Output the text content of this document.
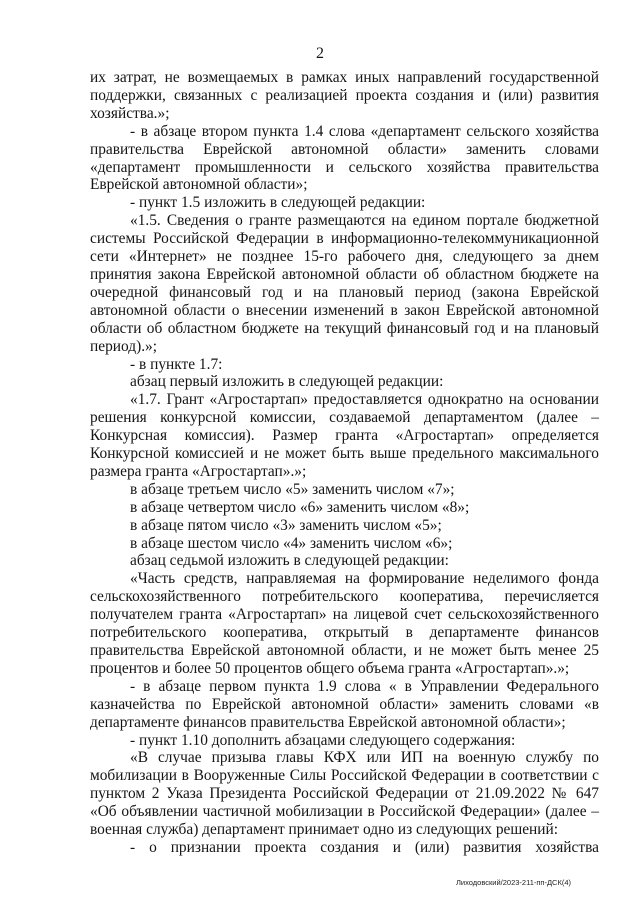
2

их затрат, не возмещаемых в рамках иных направлений государственной поддержки, связанных с реализацией проекта создания и (или) развития хозяйства.»;

- в абзаце втором пункта 1.4 слова «департамент сельского хозяйства правительства Еврейской автономной области» заменить словами «департамент промышленности и сельского хозяйства правительства Еврейской автономной области»;

- пункт 1.5 изложить в следующей редакции:

«1.5. Сведения о гранте размещаются на едином портале бюджетной системы Российской Федерации в информационно-телекоммуникационной сети «Интернет» не позднее 15-го рабочего дня, следующего за днем принятия закона Еврейской автономной области об областном бюджете на очередной финансовый год и на плановый период (закона Еврейской автономной области о внесении изменений в закон Еврейской автономной области об областном бюджете на текущий финансовый год и на плановый период).»;

- в пункте 1.7:

абзац первый изложить в следующей редакции:

«1.7. Грант «Агростартап» предоставляется однократно на основании решения конкурсной комиссии, создаваемой департаментом (далее – Конкурсная комиссия). Размер гранта «Агростартап» определяется Конкурсной комиссией и не может быть выше предельного максимального размера гранта «Агростартап».»;

в абзаце третьем число «5» заменить числом «7»;

в абзаце четвертом число «6» заменить числом «8»;

в абзаце пятом число «3» заменить числом «5»;

в абзаце шестом число «4» заменить числом «6»;

абзац седьмой изложить в следующей редакции:

«Часть средств, направляемая на формирование неделимого фонда сельскохозяйственного потребительского кооператива, перечисляется получателем гранта «Агростартап» на лицевой счет сельскохозяйственного потребительского кооператива, открытый в департаменте финансов правительства Еврейской автономной области, и не может быть менее 25 процентов и более 50 процентов общего объема гранта «Агростартап».»;

- в абзаце первом пункта 1.9 слова « в Управлении Федерального казначейства по Еврейской автономной области» заменить словами «в департаменте финансов правительства Еврейской автономной области»;

- пункт 1.10 дополнить абзацами следующего содержания:

«В случае призыва главы КФХ или ИП на военную службу по мобилизации в Вооруженные Силы Российской Федерации в соответствии с пунктом 2 Указа Президента Российской Федерации от 21.09.2022 № 647 «Об объявлении частичной мобилизации в Российской Федерации» (далее – военная служба) департамент принимает одно из следующих решений:

- о признании проекта создания и (или) развития хозяйства

Лиходовский/2023-211-пп-ДСК(4)
